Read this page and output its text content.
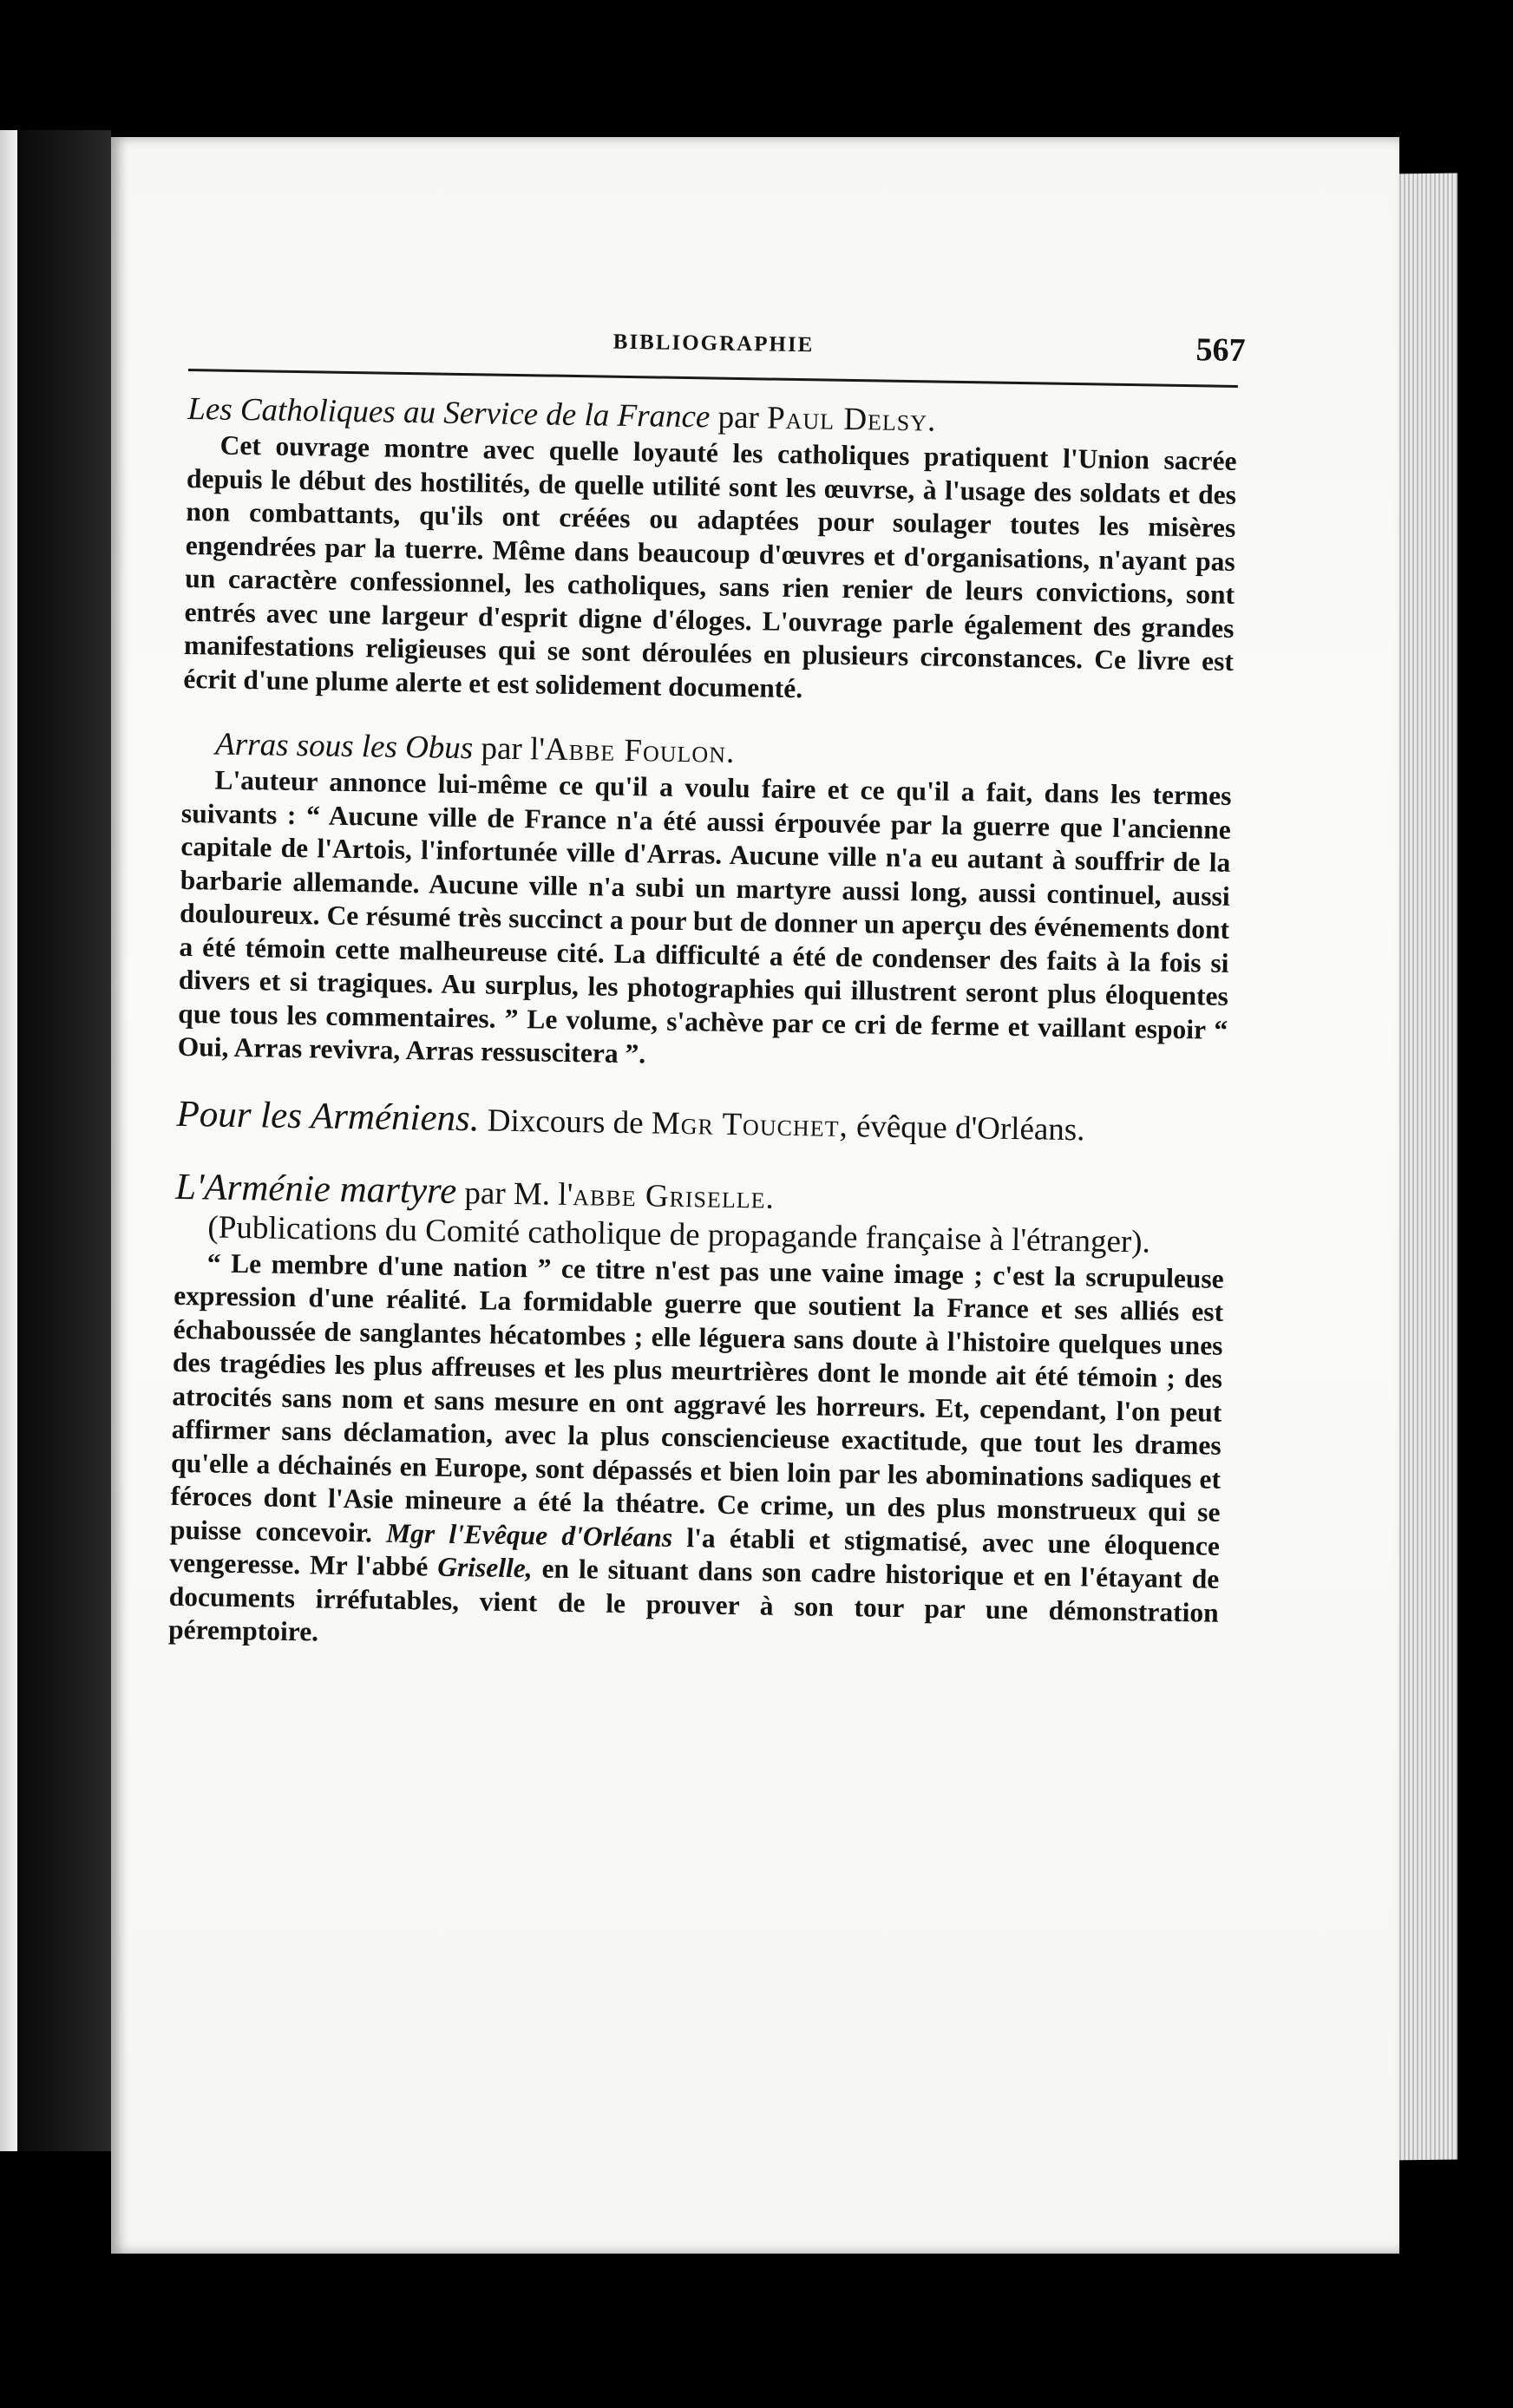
BIBLIOGRAPHIE	567

Les Catholiques au Service de la France par Paul Delsy.

Cet ouvrage montre avec quelle loyauté les catholiques pratiquent l'Union sacrée depuis le début des hostilités, de quelle utilité sont les œuvrse, à l'usage des soldats et des non combattants, qu'ils ont créées ou adaptées pour soulager toutes les misères engendrées par la tuerre. Même dans beaucoup d'œuvres et d'organisations, n'ayant pas un caractère confessionnel, les catholiques, sans rien renier de leurs convictions, sont entrés avec une largeur d'esprit digne d'éloges. L'ouvrage parle également des grandes manifestations religieuses qui se sont déroulées en plusieurs circonstances. Ce livre est écrit d'une plume alerte et est solidement documenté.

Arras sous les Obus par l'Abbe Foulon.

L'auteur annonce lui-même ce qu'il a voulu faire et ce qu'il a fait, dans les termes suivants : “ Aucune ville de France n'a été aussi érpouvée par la guerre que l'ancienne capitale de l'Artois, l'infortunée ville d'Arras. Aucune ville n'a eu autant à souffrir de la barbarie allemande. Aucune ville n'a subi un martyre aussi long, aussi continuel, aussi douloureux. Ce résumé très succinct a pour but de donner un aperçu des événements dont a été témoin cette malheureuse cité. La difficulté a été de condenser des faits à la fois si divers et si tragiques. Au surplus, les photographies qui illustrent seront plus éloquentes que tous les commentaires. ” Le volume, s'achève par ce cri de ferme et vaillant espoir “ Oui, Arras revivra, Arras ressuscitera ”.

Pour les Arméniens. Dixcours de Mgr Touchet, évêque d'Orléans.

L'Arménie martyre par M. l'abbe Griselle.

(Publications du Comité catholique de propagande française à l'étranger).

“ Le membre d'une nation ” ce titre n'est pas une vaine image ; c'est la scrupuleuse expression d'une réalité. La formidable guerre que soutient la France et ses alliés est échaboussée de sanglantes hécatombes ; elle léguera sans doute à l'histoire quelques unes des tragédies les plus affreuses et les plus meurtrières dont le monde ait été témoin ; des atrocités sans nom et sans mesure en ont aggravé les horreurs. Et, cependant, l'on peut affirmer sans déclamation, avec la plus consciencieuse exactitude, que tout les drames qu'elle a déchainés en Europe, sont dépassés et bien loin par les abominations sadiques et féroces dont l'Asie mineure a été la théatre. Ce crime, un des plus monstrueux qui se puisse concevoir. Mgr l'Evêque d'Orléans l'a établi et stigmatisé, avec une éloquence vengeresse. Mr l'abbé Griselle, en le situant dans son cadre historique et en l'étayant de documents irréfutables, vient de le prouver à son tour par une démonstration péremptoire.
